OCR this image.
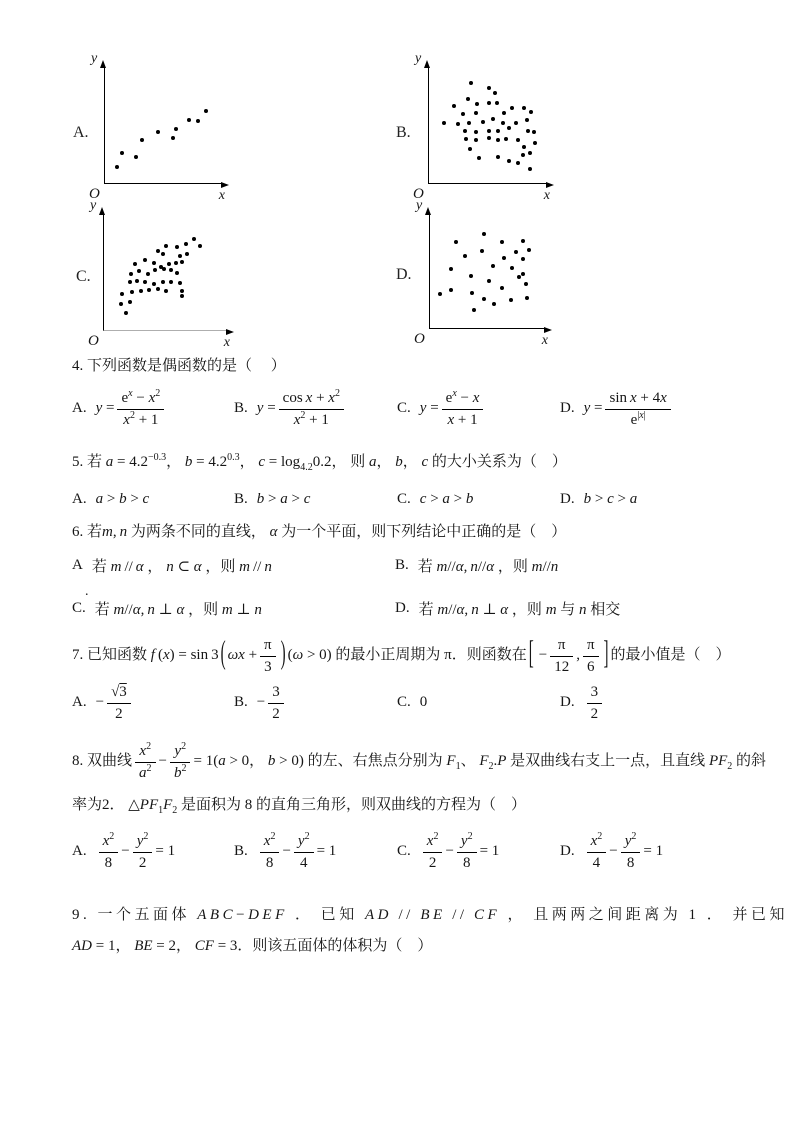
A.
O	x
y
B.
O	x
y
C.
O	x
y
D.
O	x
y
4. 下列函数是偶函数的是（     ）
A. $y = \frac{e^x - x^2}{x^2 + 1}$	B. $y = \frac{\cos x + x^2}{x^2 + 1}$	C. $y = \frac{e^x - x}{x + 1}$	D. $y = \frac{\text{sin x + 4x}}{e^{|x|}}$
5. 若 $a = 4.2^{-0.3}$， $b = 4.2^{0.3}$， $c = \log_{4.2}0.2$， 则 a， b， c 的大小关系为（    ）
A. a > b > c	B. b > a > c	C. c > a > b	D. b > c > a
6. 若m, n 为两条不同的直线， α 为一个平面，则下列结论中正确的是（    ）
.
A 若 m // α ， n ⊂ α ，则 m // n	B. 若 m//α, n//α ，则 m//n
C. 若 m//α, n ⊥ α ，则 m ⊥ n	D. 若 m//α, n ⊥ α ，则 m 与 n 相交
7. 已知函数 f (x) = sin 3 ( $\omega x + \frac{\pi}{3}$ ) (ω > 0) 的最小正周期为 π．则函数在 [  − $\frac{\pi}{12}$ , $\frac{\pi}{6}$ ] 的最小值是（    ）
A. − $\frac{√3}{2}$	B. − $\frac{3}{2}$	C. 0	D. $\frac{3}{2}$
8. 双曲线 $\frac{x^2}{a^2} - \frac{y^2}{b^2} = 1(a > 0$， b > 0) 的左、右焦点分别为 $F_1$、 $F_2.P$ 是双曲线右支上一点，且直线 $PF_2$ 的斜
率为2． $\triangle PF_1F_2$ 是面积为 8 的直角三角形，则双曲线的方程为（    ）
A. $\frac{x^2}{8} - \frac{y^2}{2} = 1$	B. $\frac{x^2}{8} - \frac{y^2}{4} = 1$	C. $\frac{x^2}{2} - \frac{y^2}{8} = 1$	D. $\frac{x^2}{4} - \frac{y^2}{8} = 1$
9. 一个五面体 ABC−DEF ． 已知 AD // BE // CF ， 且两两之间距离为 1 ． 并已知
AD = 1， BE = 2， CF = 3．则该五面体的体积为（    ）
